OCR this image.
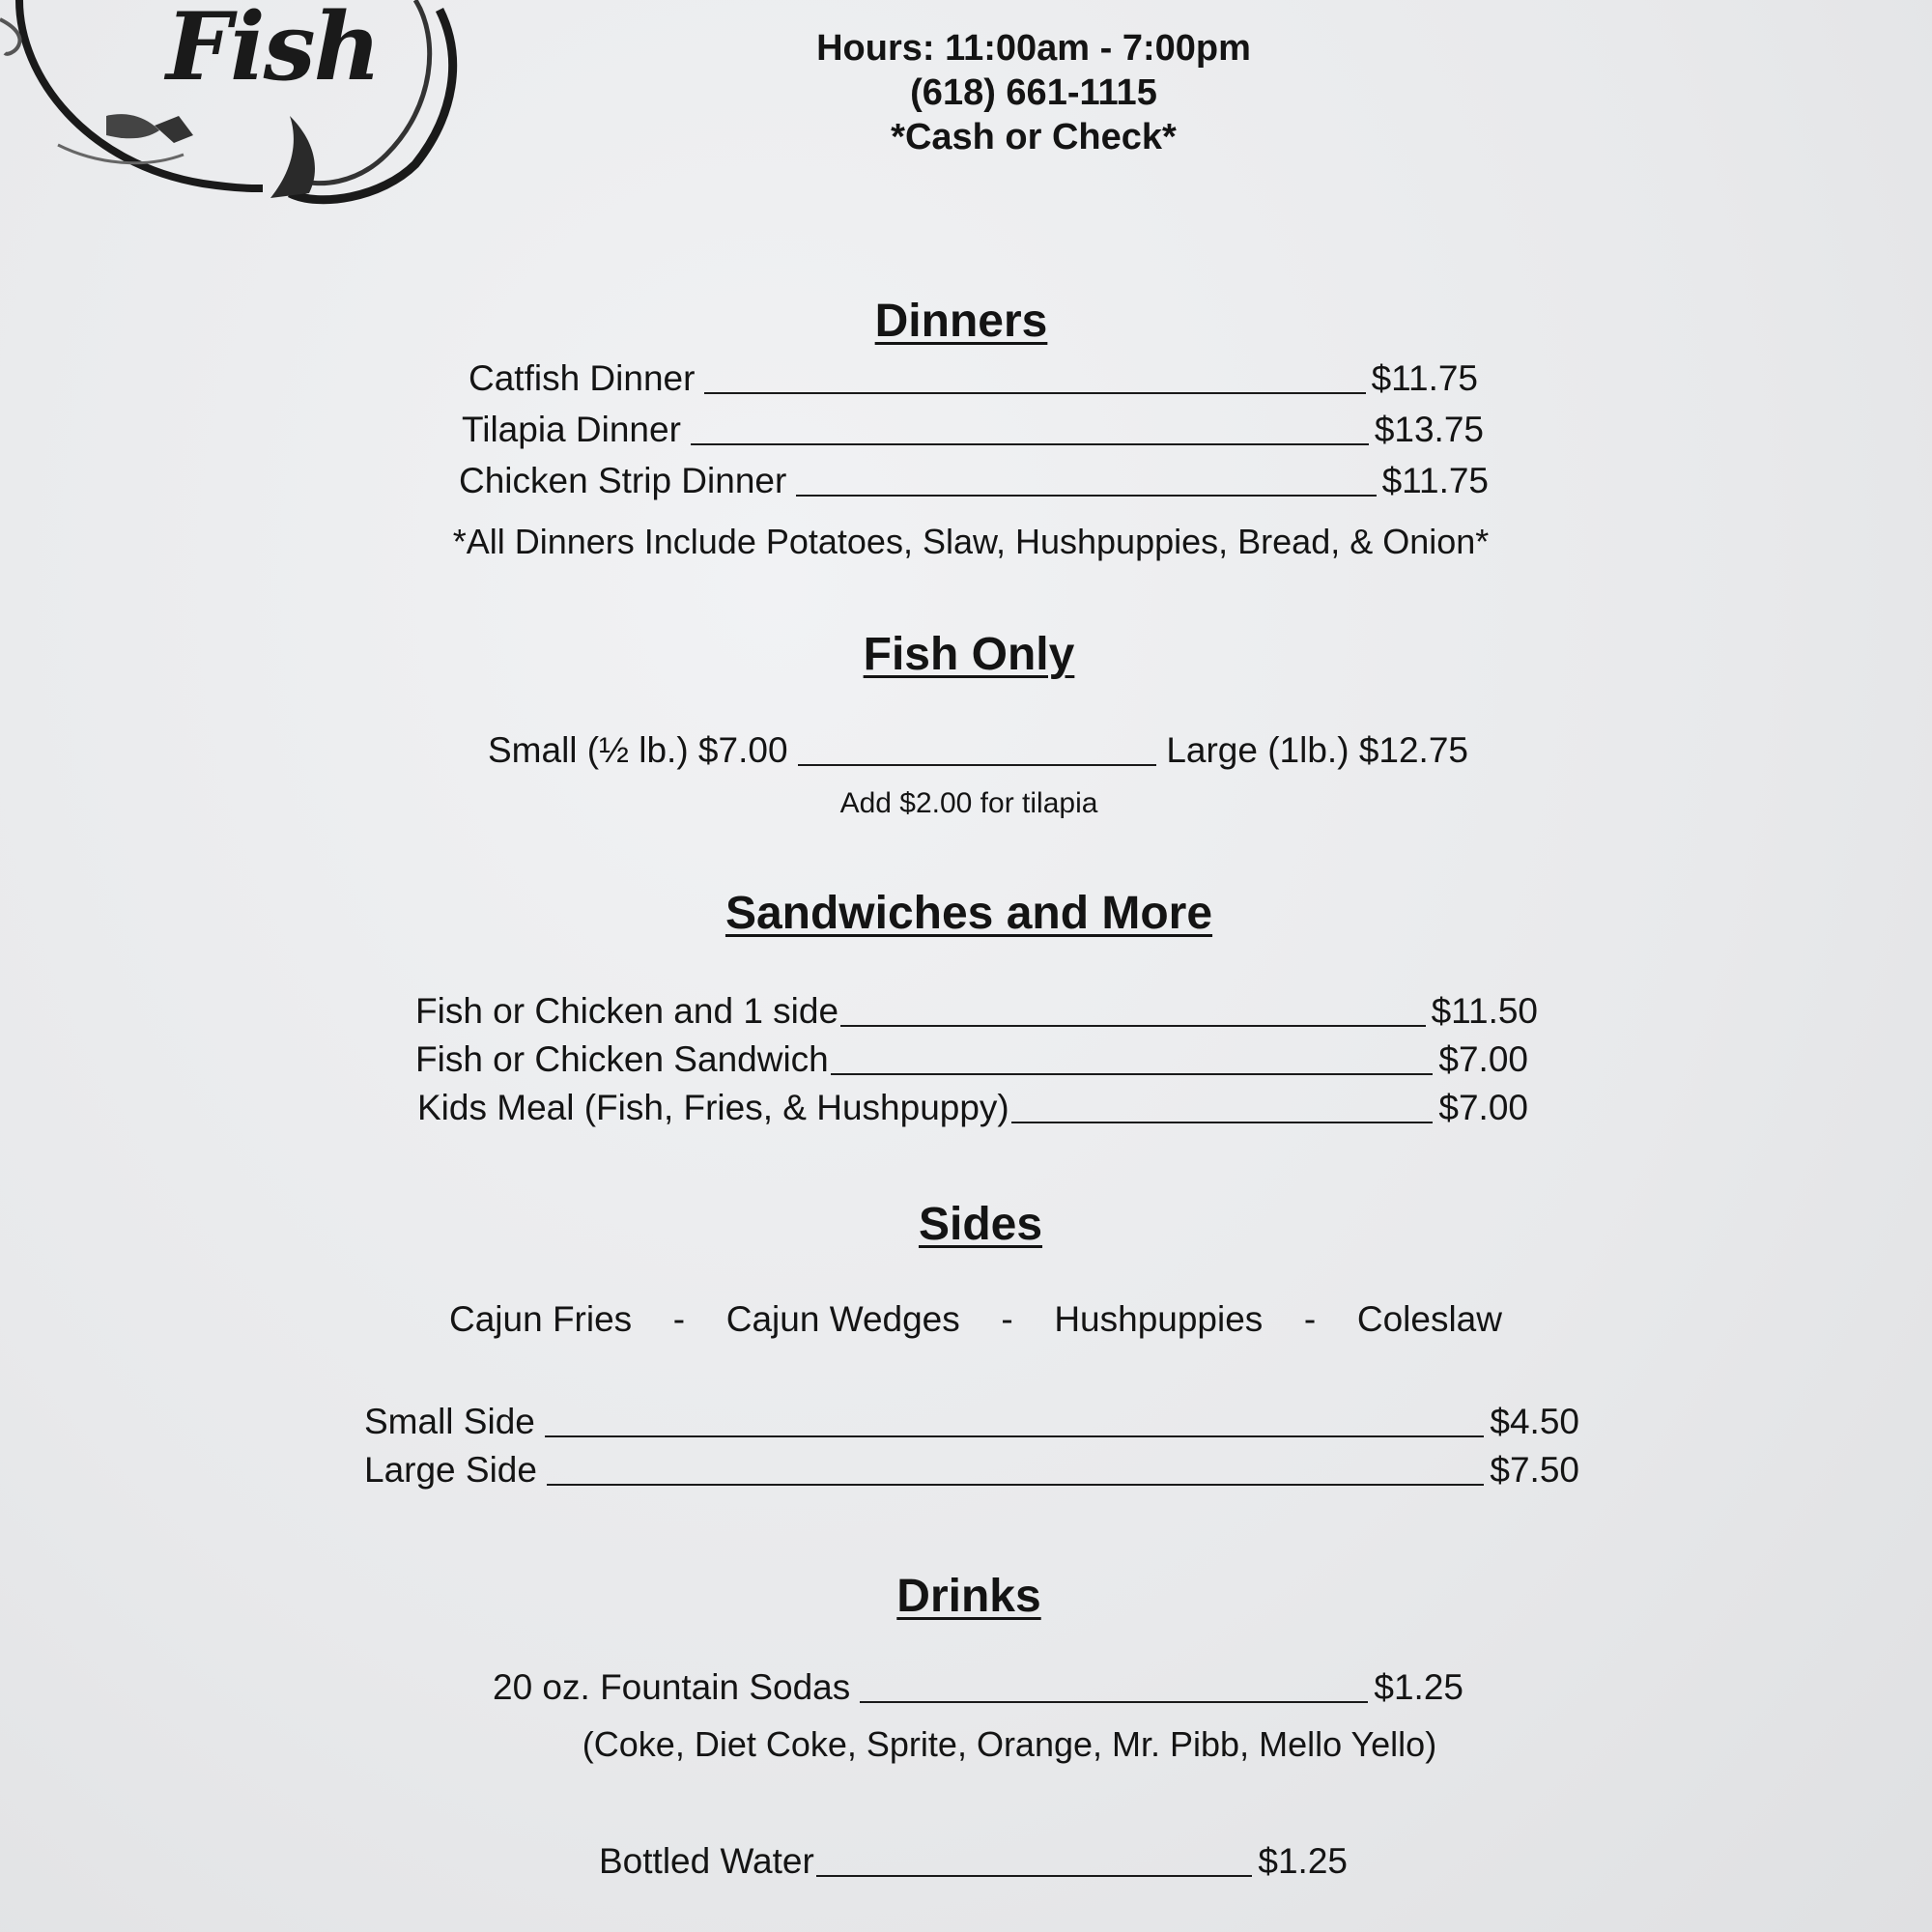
Fish	Hours: 11:00am - 7:00pm
(618) 661-1115
*Cash or Check*
Dinners
Catfish Dinner	$11.75
Tilapia Dinner	$13.75
Chicken Strip Dinner	$11.75
*All Dinners Include Potatoes, Slaw, Hushpuppies, Bread, & Onion*
Fish Only
Small (½ lb.) $7.00	Large (1lb.) $12.75
Add $2.00 for tilapia
Sandwiches and More
Fish or Chicken and 1 side	$11.50
Fish or Chicken Sandwich	$7.00
Kids Meal (Fish, Fries, & Hushpuppy)	$7.00
Sides
Cajun Fries - Cajun Wedges - Hushpuppies - Coleslaw
Small Side	$4.50
Large Side	$7.50
Drinks
20 oz. Fountain Sodas	$1.25
(Coke, Diet Coke, Sprite, Orange, Mr. Pibb, Mello Yello)
Bottled Water	$1.25
